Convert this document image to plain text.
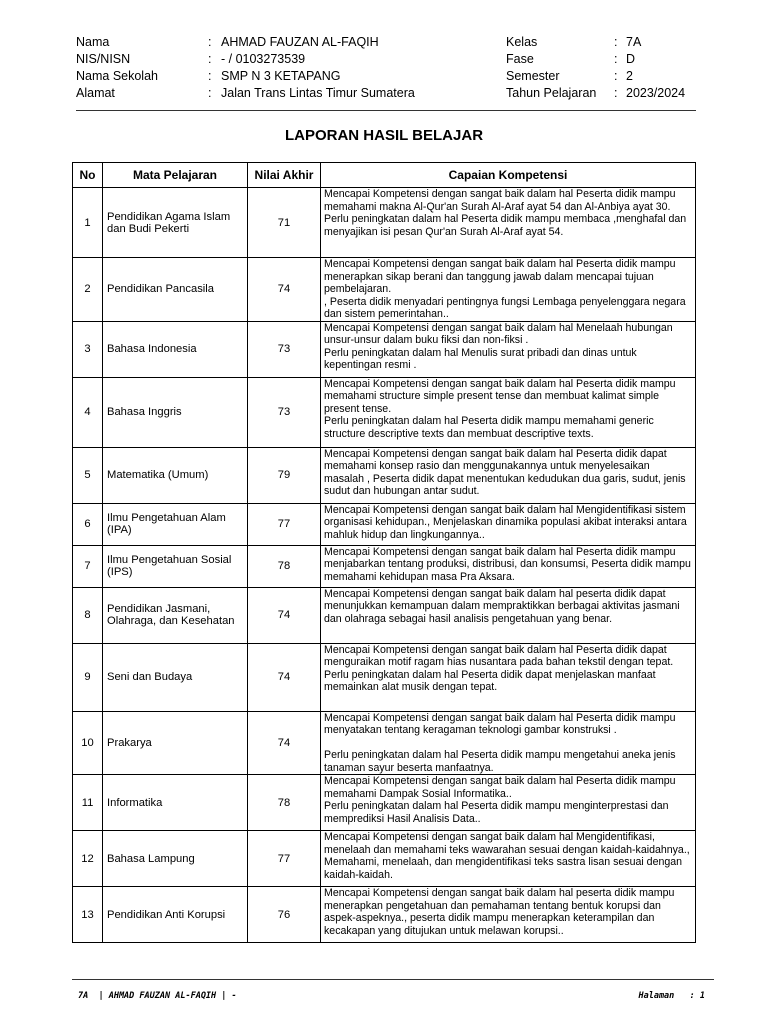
Nama	: AHMAD FAUZAN AL-FAQIH
NIS/NISN	: - / 0103273539
Nama Sekolah	: SMP N 3 KETAPANG
Alamat	: Jalan Trans Lintas Timur Sumatera
Kelas	: 7A
Fase	: D
Semester	: 2
Tahun Pelajaran : 2023/2024
LAPORAN HASIL BELAJAR
No	Mata Pelajaran	Nilai Akhir	Capaian Kompetensi
1	Pendidikan Agama Islam dan Budi Pekerti	71	Mencapai Kompetensi dengan sangat baik dalam hal Peserta didik mampu memahami makna Al-Qur'an Surah Al-Araf ayat 54 dan Al-Anbiya ayat 30.
Perlu peningkatan dalam hal Peserta didik mampu membaca ,menghafal dan menyajikan isi pesan Qur'an Surah Al-Araf ayat 54.
2	Pendidikan Pancasila	74	Mencapai Kompetensi dengan sangat baik dalam hal Peserta didik mampu menerapkan sikap berani dan tanggung jawab dalam mencapai tujuan pembelajaran.
, Peserta didik menyadari pentingnya fungsi Lembaga penyelenggara negara dan sistem pemerintahan..
3	Bahasa Indonesia	73	Mencapai Kompetensi dengan sangat baik dalam hal Menelaah hubungan unsur-unsur dalam buku fiksi dan non-fiksi .
Perlu peningkatan dalam hal Menulis surat pribadi dan dinas untuk kepentingan resmi .
4	Bahasa Inggris	73	Mencapai Kompetensi dengan sangat baik dalam hal Peserta didik mampu memahami structure simple present tense dan membuat kalimat simple present tense.
Perlu peningkatan dalam hal Peserta didik mampu memahami generic structure descriptive texts dan membuat descriptive texts.
5	Matematika (Umum)	79	Mencapai Kompetensi dengan sangat baik dalam hal Peserta didik dapat memahami konsep rasio dan menggunakannya untuk menyelesaikan masalah , Peserta didik dapat menentukan kedudukan dua garis, sudut, jenis sudut dan hubungan antar sudut.
6	Ilmu Pengetahuan Alam (IPA)	77	Mencapai Kompetensi dengan sangat baik dalam hal Mengidentifikasi sistem organisasi kehidupan., Menjelaskan dinamika populasi akibat interaksi antara mahluk hidup dan lingkungannya..
7	Ilmu Pengetahuan Sosial (IPS)	78	Mencapai Kompetensi dengan sangat baik dalam hal Peserta didik mampu menjabarkan tentang produksi, distribusi, dan konsumsi, Peserta didik mampu memahami kehidupan masa Pra Aksara.
8	Pendidikan Jasmani, Olahraga, dan Kesehatan	74	Mencapai Kompetensi dengan sangat baik dalam hal peserta didik dapat menunjukkan kemampuan dalam mempraktikkan berbagai aktivitas jasmani dan olahraga sebagai hasil analisis pengetahuan yang benar.
9	Seni dan Budaya	74	Mencapai Kompetensi dengan sangat baik dalam hal Peserta didik dapat menguraikan motif ragam hias nusantara pada bahan tekstil dengan tepat.
Perlu peningkatan dalam hal Peserta didik dapat menjelaskan manfaat memainkan alat musik dengan tepat.
10	Prakarya	74	Mencapai Kompetensi dengan sangat baik dalam hal Peserta didik mampu menyatakan tentang keragaman teknologi gambar konstruksi .

Perlu peningkatan dalam hal Peserta didik mampu mengetahui aneka jenis tanaman sayur beserta manfaatnya.
11	Informatika	78	Mencapai Kompetensi dengan sangat baik dalam hal Peserta didik mampu memahami Dampak Sosial Informatika..
Perlu peningkatan dalam hal Peserta didik mampu menginterprestasi dan memprediksi Hasil Analisis Data..
12	Bahasa Lampung	77	Mencapai Kompetensi dengan sangat baik dalam hal Mengidentifikasi, menelaah dan memahami teks wawarahan sesuai dengan kaidah-kaidahnya., Memahami, menelaah, dan mengidentifikasi teks sastra lisan sesuai dengan kaidah-kaidah.
13	Pendidikan Anti Korupsi	76	Mencapai Kompetensi dengan sangat baik dalam hal peserta didik mampu menerapkan pengetahuan dan pemahaman tentang bentuk korupsi dan aspek-aspeknya., peserta didik mampu menerapkan keterampilan dan kecakapan yang ditujukan untuk melawan korupsi..
7A  | AHMAD FAUZAN AL-FAQIH | -	Halaman   : 1
